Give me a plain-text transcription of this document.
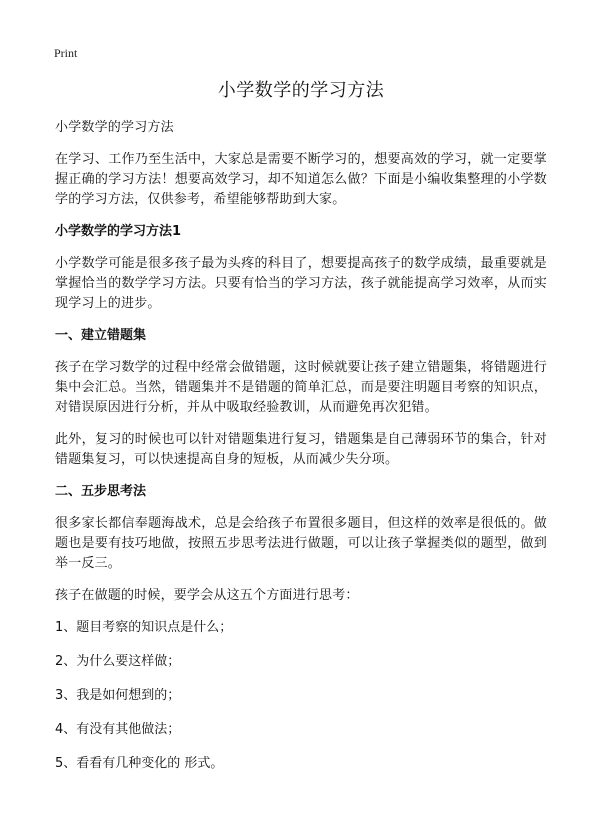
Print
小学数学的学习方法

小学数学的学习方法

在学习、工作乃至生活中，大家总是需要不断学习的，想要高效的学习，就一定要掌握正确的学习方法！想要高效学习，却不知道怎么做？下面是小编收集整理的小学数学的学习方法，仅供参考，希望能够帮助到大家。

小学数学的学习方法1

小学数学可能是很多孩子最为头疼的科目了，想要提高孩子的数学成绩，最重要就是掌握恰当的数学学习方法。只要有恰当的学习方法，孩子就能提高学习效率，从而实现学习上的进步。

一、建立错题集

孩子在学习数学的过程中经常会做错题，这时候就要让孩子建立错题集，将错题进行集中会汇总。当然，错题集并不是错题的简单汇总，而是要注明题目考察的知识点，对错误原因进行分析，并从中吸取经验教训，从而避免再次犯错。

此外，复习的时候也可以针对错题集进行复习，错题集是自己薄弱环节的集合，针对错题集复习，可以快速提高自身的短板，从而减少失分项。

二、五步思考法

很多家长都信奉题海战术，总是会给孩子布置很多题目，但这样的效率是很低的。做题也是要有技巧地做，按照五步思考法进行做题，可以让孩子掌握类似的题型，做到举一反三。

孩子在做题的时候，要学会从这五个方面进行思考：

1、题目考察的知识点是什么；
2、为什么要这样做；
3、我是如何想到的；
4、有没有其他做法；
5、看看有几种变化的 形式。
